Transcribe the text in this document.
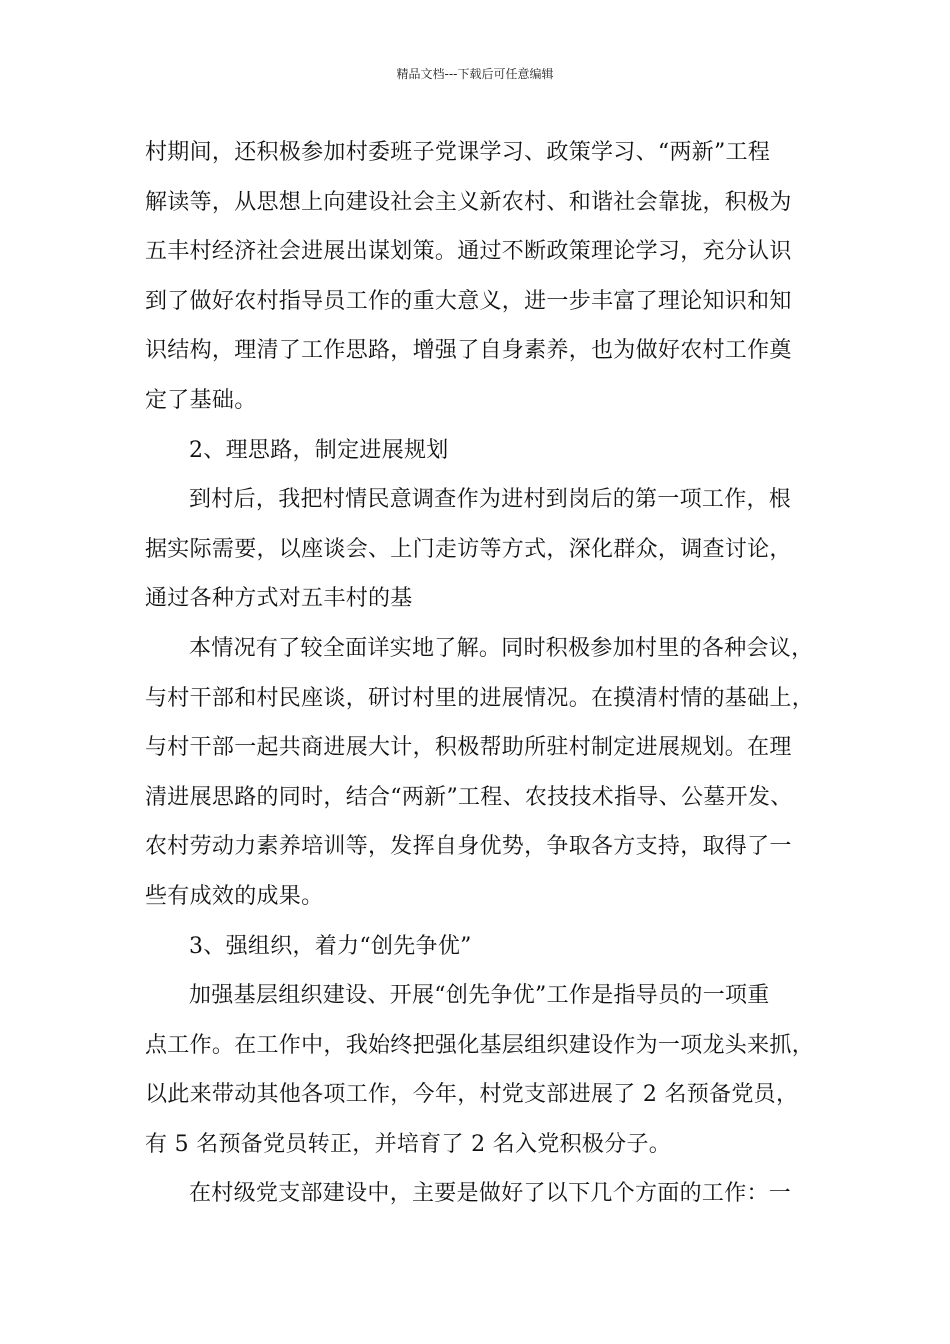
精品文档---下载后可任意编辑
村期间，还积极参加村委班子党课学习、政策学习、“两新”工程
解读等，从思想上向建设社会主义新农村、和谐社会靠拢，积极为
五丰村经济社会进展出谋划策。通过不断政策理论学习，充分认识
到了做好农村指导员工作的重大意义，进一步丰富了理论知识和知
识结构，理清了工作思路，增强了自身素养，也为做好农村工作奠
定了基础。
2、理思路，制定进展规划
到村后，我把村情民意调查作为进村到岗后的第一项工作，根
据实际需要，以座谈会、上门走访等方式，深化群众，调查讨论，
通过各种方式对五丰村的基
本情况有了较全面详实地了解。同时积极参加村里的各种会议，
与村干部和村民座谈，研讨村里的进展情况。在摸清村情的基础上，
与村干部一起共商进展大计，积极帮助所驻村制定进展规划。在理
清进展思路的同时，结合“两新”工程、农技技术指导、公墓开发、
农村劳动力素养培训等，发挥自身优势，争取各方支持，取得了一
些有成效的成果。
3、强组织，着力“创先争优”
加强基层组织建设、开展“创先争优”工作是指导员的一项重
点工作。在工作中，我始终把强化基层组织建设作为一项龙头来抓，
以此来带动其他各项工作，今年，村党支部进展了 2 名预备党员，
有 5 名预备党员转正，并培育了 2 名入党积极分子。
在村级党支部建设中，主要是做好了以下几个方面的工作：一
